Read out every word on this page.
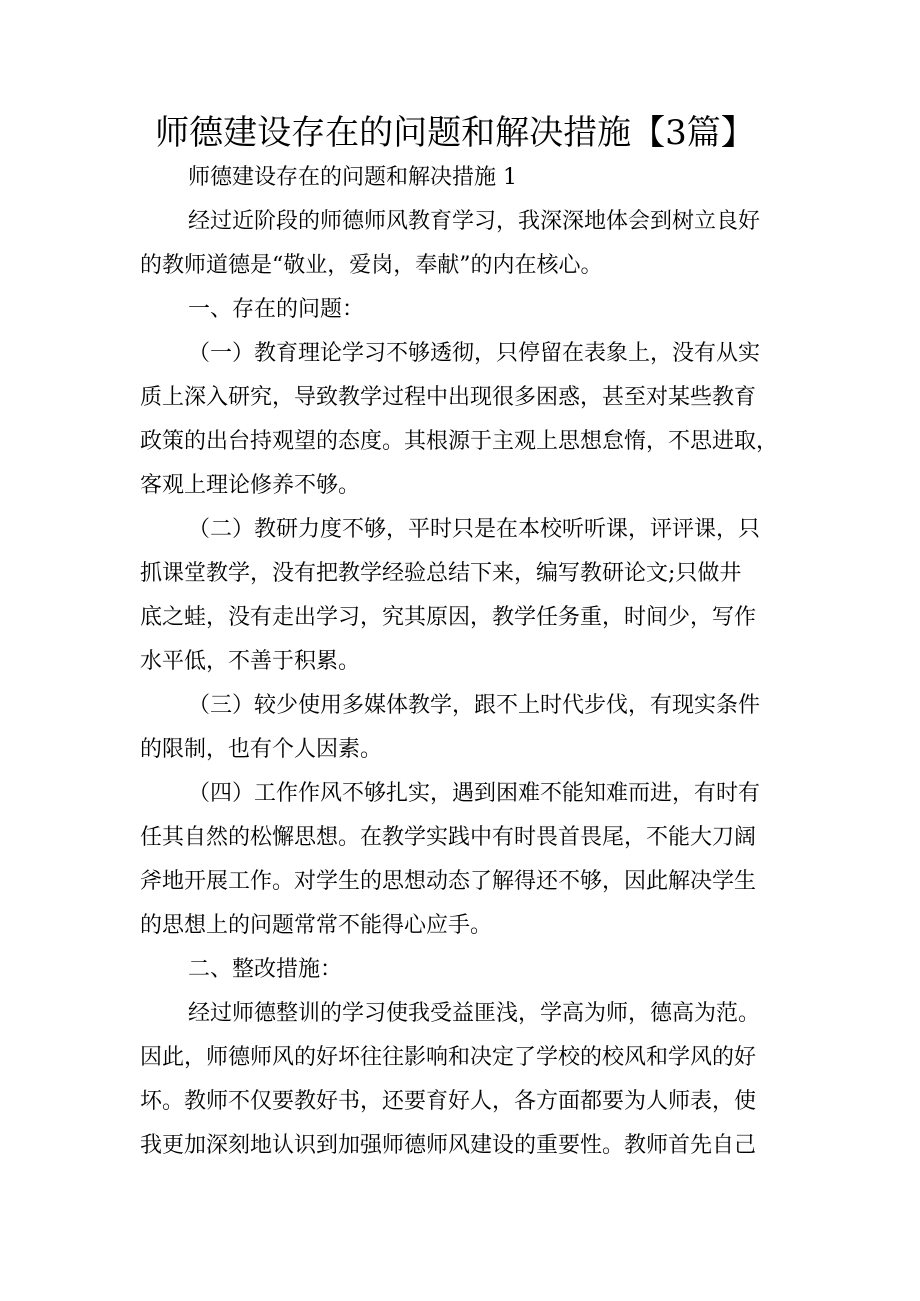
师德建设存在的问题和解决措施【3篇】
师德建设存在的问题和解决措施 1
经过近阶段的师德师风教育学习，我深深地体会到树立良好
的教师道德是“敬业，爱岗，奉献”的内在核心。
一、存在的问题：
（一）教育理论学习不够透彻，只停留在表象上，没有从实
质上深入研究，导致教学过程中出现很多困惑，甚至对某些教育
政策的出台持观望的态度。其根源于主观上思想怠惰，不思进取，
客观上理论修养不够。
（二）教研力度不够，平时只是在本校听听课，评评课，只
抓课堂教学，没有把教学经验总结下来，编写教研论文;只做井
底之蛙，没有走出学习，究其原因，教学任务重，时间少，写作
水平低，不善于积累。
（三）较少使用多媒体教学，跟不上时代步伐，有现实条件
的限制，也有个人因素。
（四）工作作风不够扎实，遇到困难不能知难而进，有时有
任其自然的松懈思想。在教学实践中有时畏首畏尾，不能大刀阔
斧地开展工作。对学生的思想动态了解得还不够，因此解决学生
的思想上的问题常常不能得心应手。
二、整改措施：
经过师德整训的学习使我受益匪浅，学高为师，德高为范。
因此，师德师风的好坏往往影响和决定了学校的校风和学风的好
坏。教师不仅要教好书，还要育好人，各方面都要为人师表，使
我更加深刻地认识到加强师德师风建设的重要性。教师首先自己
